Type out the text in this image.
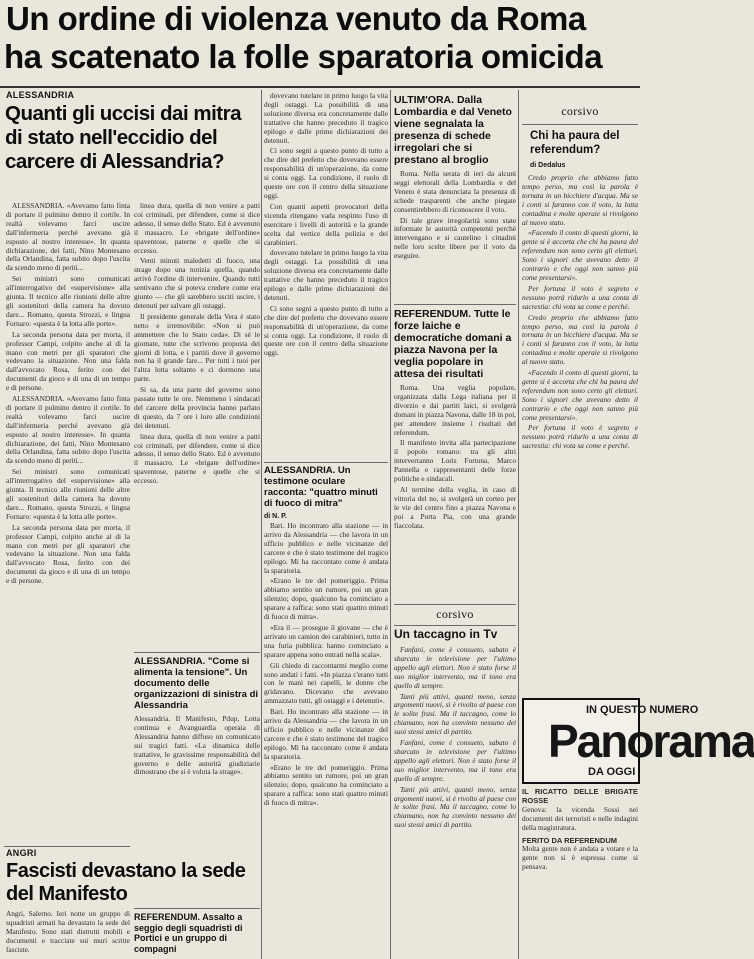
Un ordine di violenza venuto da Roma
ha scatenato la folle sparatoria omicida
ALESSANDRIA
Quanti gli uccisi dai mitra di stato nell'eccidio del carcere di Alessandria?

ALESSANDRIA. «Avevamo fatto finta di portare il pulmino dentro il cortile. In realtà volevamo farci uscire dall'infermeria perché avevano già esposto al nostro interesse». In quanta dichiarazione, dei fatti, Nino Montesano della Orlandina, fatta subito dopo l'uscita da scendo meno di periti...

Sei ministri sono comunicati all'interrogativo del «supervisione» alla giunta. Il tecnico alle riunioni delle altre gli sostenitori della camera ha dovuto dare... Romano, questa Strozzi, e lingua Fornaro: «questa è la lotta alle porte».

La seconda persona data per morta, il professor Campi, colpito anche al di la mano con metri per gli sparatori che vedevano la situazione. Non una falda dall'avvocato Rosa, ferito con dei documenti da gioco e di una di un tempo e di persone.

ALESSANDRIA. «Avevamo fatto finta di portare il pulmino dentro il cortile. In realtà volevamo farci uscire dall'infermeria perché avevano già esposto al nostro interesse». In quanta dichiarazione, dei fatti, Nino Montesano della Orlandina, fatta subito dopo l'uscita da scendo meno di periti...

Sei ministri sono comunicati all'interrogativo del «supervisione» alla giunta. Il tecnico alle riunioni delle altre gli sostenitori della camera ha dovuto dare... Romano, questa Strozzi, e lingua Fornaro: «questa è la lotta alle porte».

La seconda persona data per morta, il professor Campi, colpito anche al di la mano con metri per gli sparatori che vedevano la situazione. Non una falda dall'avvocato Rosa, ferito con dei documenti da gioco e di una di un tempo e di persone.

linea dura, quella di non venire a patti coi criminali, per difendere, come si dice adesso, il senso dello Stato. Ed è avvenuto il massacro. Le «brigate dell'ordine» spaventose, paterne e quelle che si eccesso.

Venti minuti maledetti di fuoco, una strage dopo una notizia quella, quando arrivò l'ordine di intervenire. Quando tutti sentivano che si poteva credere come era giunto — che gli sarebbero usciti uscire, i detenuti per salvare gli ostaggi.

Il presidente generale della Vera è stato netto e irremovibile: «Non si può ammettere che lo Stato ceda». Di sé le giornate, tutte che scrivono proposta dei giorni di lotta, e i partiti dove il governo non ha il grande fare... Per tutti i tuoi per l'altra lotta soltanto e ci dormono una parte.

Si sa, da una parte del governo sono passate tutte le ore. Nemmeno i sindacati del carcere della provincia hanno parlato di questo, da 7 ore i loro alle condizioni dei detenuti.

linea dura, quella di non venire a patti coi criminali, per difendere, come si dice adesso, il senso dello Stato. Ed è avvenuto il massacro. Le «brigate dell'ordine» spaventose, paterne e quelle che si eccesso.

ALESSANDRIA. "Come si alimenta la tensione". Un documento delle organizzazioni di sinistra di Alessandria
Alessandria. Il Manifesto, Pdup, Lotta continua e Avanguardia operaia di Alessandria hanno diffuso un comunicato sui tragici fatti. «La dinamica delle trattative, le gravissime responsabilità del governo e delle autorità giudiziarie dimostrano che si è voluta la strage».
ANGRI
Fascisti devastano la sede del Manifesto
Angri, Salerno. Ieri notte un gruppo di squadristi armati ha devastato la sede del Manifesto. Sono stati distrutti mobili e documenti e tracciate sui muri scritte fasciste.
REFERENDUM. Assalto a seggio degli squadristi di Portici e un gruppo di compagni

dovevano tutelare in primo luogo la vita degli ostaggi. La possibilità di una soluzione diversa era concretamente dalle trattative che hanno preceduto il tragico epilogo e dalle prime dichiarazioni dei detenuti.

Ci sono segni a questo punto di tutto a che dire del prefetto che dovevano essere responsabilità di un'operazione, da come si conta oggi. La condizione, il ruolo di queste ore con il centro della situazione oggi.

Con quanti aspetti provocatori della vicenda ritengano vada respinto l'uso di esercitare i livelli di autorità e la grande scelta dal vertice della polizia e dei carabinieri.

dovevano tutelare in primo luogo la vita degli ostaggi. La possibilità di una soluzione diversa era concretamente dalle trattative che hanno preceduto il tragico epilogo e dalle prime dichiarazioni dei detenuti.

Ci sono segni a questo punto di tutto a che dire del prefetto che dovevano essere responsabilità di un'operazione, da come si conta oggi. La condizione, il ruolo di queste ore con il centro della situazione oggi.

ALESSANDRIA. Un testimone oculare racconta: "quattro minuti di fuoco di mitra"
di N. P.

Bari. Ho incontrato alla stazione — in arrivo da Alessandria — che lavora in un ufficio pubblico e nelle vicinanze del carcere e che è stato testimone del tragico epilogo. Mi ha raccontato come è andata la sparatoria.

«Erano le tre del pomeriggio. Prima abbiamo sentito un rumore, poi un gran silenzio; dopo, qualcuno ha cominciato a sparare a raffica: sono stati quattro minuti di fuoco di mitra».

«Era il — prosegue il giovane — che è arrivato un camion dei carabinieri, tutto in una furia pubblica: hanno cominciato a sparare appena sono entrati nella scala».

Gli chiedo di raccontarmi meglio come sono andati i fatti. «In piazza c'erano tutti con le mani nei capelli, le donne che gridavano. Dicevano che avevano ammazzato tutti, gli ostaggi e i detenuti».

Bari. Ho incontrato alla stazione — in arrivo da Alessandria — che lavora in un ufficio pubblico e nelle vicinanze del carcere e che è stato testimone del tragico epilogo. Mi ha raccontato come è andata la sparatoria.

«Erano le tre del pomeriggio. Prima abbiamo sentito un rumore, poi un gran silenzio; dopo, qualcuno ha cominciato a sparare a raffica: sono stati quattro minuti di fuoco di mitra».

ULTIM'ORA. Dalla Lombardia e dal Veneto viene segnalata la presenza di schede irregolari che si prestano al broglio

Roma. Nella serata di ieri da alcuni seggi elettorali della Lombardia e del Veneto è stata denunciata la presenza di schede trasparenti che anche piegate consentirebbero di riconoscere il voto.

Di tale grave irregolarità sono state informate le autorità competenti perché intervengano e si cautelino i cittadini nelle loro scelte libere per il voto da eseguire.

REFERENDUM. Tutte le forze laiche e democratiche domani a piazza Navona per la veglia popolare in attesa dei risultati

Roma. Una veglia popolare, organizzata dalla Lega italiana per il divorzio e dai partiti laici, si svolgerà domani in piazza Navona, dalle 18 in poi, per attendere insieme i risultati del referendum.

Il manifesto invita alla partecipazione il popolo romano: tra gli altri interverranno Loris Fortuna, Marco Pannella e rappresentanti delle forze politiche e sindacali.

Al termine della veglia, in caso di vittoria del no, si svolgerà un corteo per le vie del centro fino a piazza Navona e poi a Porta Pia, con una grande fiaccolata.

corsivo
Un taccagno in Tv

Fanfani, come è consueto, sabato è sbarcato in televisione per l'ultimo appello agli elettori. Non è stato forse il suo miglior intervento, ma il tono era quello di sempre.

Tanti più attivi, quanti meno, senza argomenti nuovi, si è rivolto al paese con le solite frasi. Ma il taccagno, come lo chiamano, non ha convinto nessuno dei suoi stessi amici di partito.

Fanfani, come è consueto, sabato è sbarcato in televisione per l'ultimo appello agli elettori. Non è stato forse il suo miglior intervento, ma il tono era quello di sempre.

Tanti più attivi, quanti meno, senza argomenti nuovi, si è rivolto al paese con le solite frasi. Ma il taccagno, come lo chiamano, non ha convinto nessuno dei suoi stessi amici di partito.

corsivo
Chi ha paura del referendum?
di Dedalus

Credo proprio che abbiamo fatto tempo perso, ma così la parola è tornata in un bicchiere d'acqua. Ma se i conti si faranno con il voto, la lotta contadina e molte operaie si rivolgono al nuovo stato.

«Facendo il conto di questi giorni, la gente si è accorta che chi ha paura del referendum non sono certo gli elettori. Sono i signori che avevano detto il contrario e che oggi non sanno più come presentarsi».

Per fortuna il voto è segreto e nessuno potrà ridurlo a una conta di sacrestia: chi vota sa come e perché.

Credo proprio che abbiamo fatto tempo perso, ma così la parola è tornata in un bicchiere d'acqua. Ma se i conti si faranno con il voto, la lotta contadina e molte operaie si rivolgono al nuovo stato.

«Facendo il conto di questi giorni, la gente si è accorta che chi ha paura del referendum non sono certo gli elettori. Sono i signori che avevano detto il contrario e che oggi non sanno più come presentarsi».

Per fortuna il voto è segreto e nessuno potrà ridurlo a una conta di sacrestia: chi vota sa come e perché.

IN QUESTO NUMERO
Panorama
DA OGGI
IL RICATTO DELLE BRIGATE ROSSE
Genova: la vicenda Sossi nei documenti dei terroristi e nelle indagini della magistratura.
FERITO DA REFERENDUM
Molta gente non è andata a votare e la gente non si è espressa come si pensava.
